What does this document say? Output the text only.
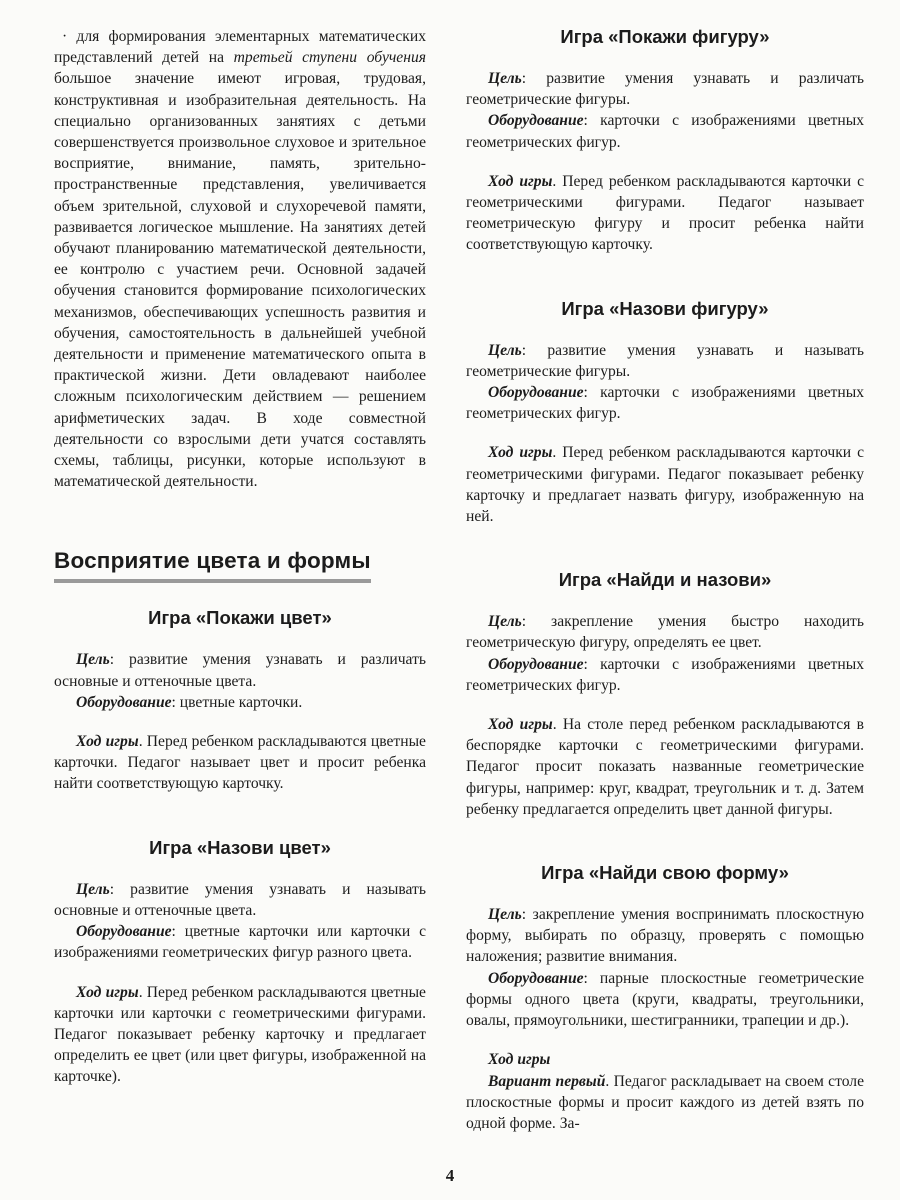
· для формирования элементарных математических представлений детей на третьей ступени обучения большое значение имеют игровая, трудовая, конструктивная и изобразительная деятельность. На специально организованных занятиях с детьми совершенствуется произвольное слуховое и зрительное восприятие, внимание, память, зрительно-пространственные представления, увеличивается объем зрительной, слуховой и слухоречевой памяти, развивается логическое мышление. На занятиях детей обучают планированию математической деятельности, ее контролю с участием речи. Основной задачей обучения становится формирование психологических механизмов, обеспечивающих успешность развития и обучения, самостоятельность в дальнейшей учебной деятельности и применение математического опыта в практической жизни. Дети овладевают наиболее сложным психологическим действием — решением арифметических задач. В ходе совместной деятельности со взрослыми дети учатся составлять схемы, таблицы, рисунки, которые используют в математической деятельности.

Восприятие цвета и формы
Игра «Покажи цвет»

Цель: развитие умения узнавать и различать основные и оттеночные цвета.

Оборудование: цветные карточки.

Ход игры. Перед ребенком раскладываются цветные карточки. Педагог называет цвет и просит ребенка найти соответствующую карточку.

Игра «Назови цвет»

Цель: развитие умения узнавать и называть основные и оттеночные цвета.

Оборудование: цветные карточки или карточки с изображениями геометрических фигур разного цвета.

Ход игры. Перед ребенком раскладываются цветные карточки или карточки с геометрическими фигурами. Педагог показывает ребенку карточку и предлагает определить ее цвет (или цвет фигуры, изображенной на карточке).

Игра «Покажи фигуру»

Цель: развитие умения узнавать и различать геометрические фигуры.

Оборудование: карточки с изображениями цветных геометрических фигур.

Ход игры. Перед ребенком раскладываются карточки с геометрическими фигурами. Педагог называет геометрическую фигуру и просит ребенка найти соответствующую карточку.

Игра «Назови фигуру»

Цель: развитие умения узнавать и называть геометрические фигуры.

Оборудование: карточки с изображениями цветных геометрических фигур.

Ход игры. Перед ребенком раскладываются карточки с геометрическими фигурами. Педагог показывает ребенку карточку и предлагает назвать фигуру, изображенную на ней.

Игра «Найди и назови»

Цель: закрепление умения быстро находить геометрическую фигуру, определять ее цвет.

Оборудование: карточки с изображениями цветных геометрических фигур.

Ход игры. На столе перед ребенком раскладываются в беспорядке карточки с геометрическими фигурами. Педагог просит показать названные геометрические фигуры, например: круг, квадрат, треугольник и т. д. Затем ребенку предлагается определить цвет данной фигуры.

Игра «Найди свою форму»

Цель: закрепление умения воспринимать плоскостную форму, выбирать по образцу, проверять с помощью наложения; развитие внимания.

Оборудование: парные плоскостные геометрические формы одного цвета (круги, квадраты, треугольники, овалы, прямоугольники, шестигранники, трапеции и др.).

Ход игры

Вариант первый. Педагог раскладывает на своем столе плоскостные формы и просит каждого из детей взять по одной форме. За-

4
